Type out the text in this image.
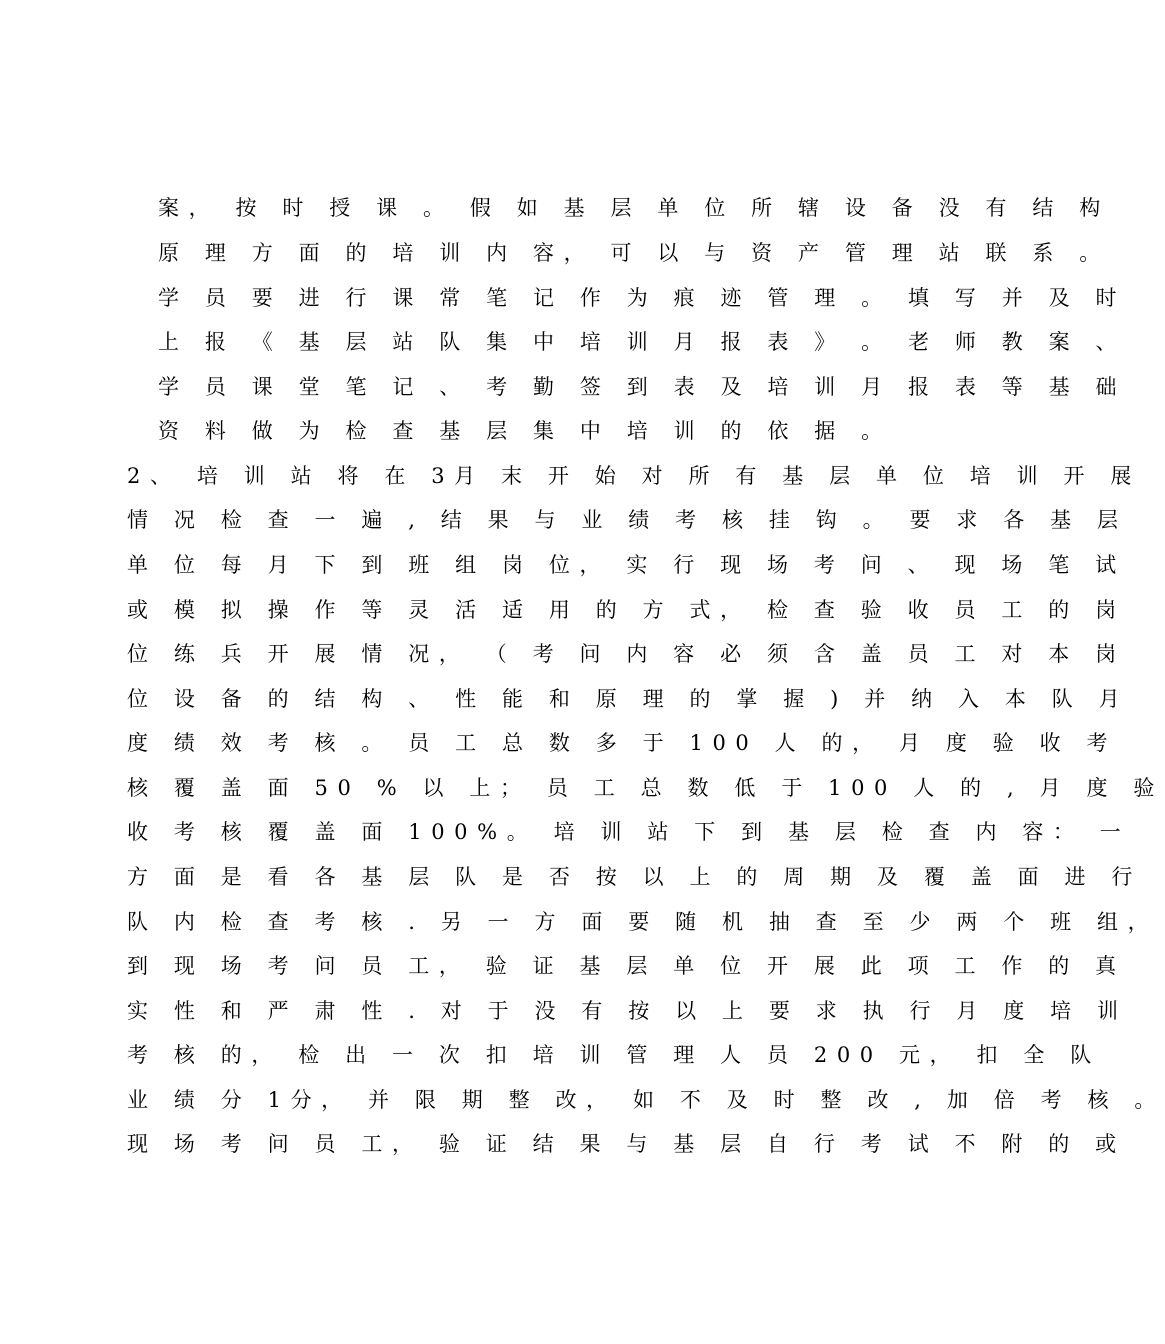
案， 按 时 授 课 。 假 如 基 层 单 位 所 辖 设 备 没 有 结 构
原 理 方 面 的 培 训 内 容， 可 以 与 资 产 管 理 站 联 系 。
学 员 要 进 行 课 常 笔 记 作 为 痕 迹 管 理 。 填 写 并 及 时
上 报 《 基 层 站 队 集 中 培 训 月 报 表 》 。 老 师 教 案 、
学 员 课 堂 笔 记 、 考 勤 签 到 表 及 培 训 月 报 表 等 基 础
资 料 做 为 检 查 基 层 集 中 培 训 的 依 据 。
2、 培 训 站 将 在 3月 末 开 始 对 所 有 基 层 单 位 培 训 开 展
情 况 检 查 一 遍 , 结 果 与 业 绩 考 核 挂 钩 。 要 求 各 基 层
单 位 每 月 下 到 班 组 岗 位， 实 行 现 场 考 问 、 现 场 笔 试
或 模 拟 操 作 等 灵 活 适 用 的 方 式， 检 查 验 收 员 工 的 岗
位 练 兵 开 展 情 况， （ 考 问 内 容 必 须 含 盖 员 工 对 本 岗
位 设 备 的 结 构 、 性 能 和 原 理 的 掌 握 ) 并 纳 入 本 队 月
度 绩 效 考 核 。 员 工 总 数 多 于 100 人 的， 月 度 验 收 考
核 覆 盖 面 50 % 以 上； 员 工 总 数 低 于 100 人 的 , 月 度 验
收 考 核 覆 盖 面 100%。 培 训 站 下 到 基 层 检 查 内 容： 一
方 面 是 看 各 基 层 队 是 否 按 以 上 的 周 期 及 覆 盖 面 进 行
队 内 检 查 考 核 . 另 一 方 面 要 随 机 抽 查 至 少 两 个 班 组，
到 现 场 考 问 员 工， 验 证 基 层 单 位 开 展 此 项 工 作 的 真
实 性 和 严 肃 性 . 对 于 没 有 按 以 上 要 求 执 行 月 度 培 训
考 核 的， 检 出 一 次 扣 培 训 管 理 人 员 200 元， 扣 全 队
业 绩 分 1分， 并 限 期 整 改， 如 不 及 时 整 改 , 加 倍 考 核 。
现 场 考 问 员 工， 验 证 结 果 与 基 层 自 行 考 试 不 附 的 或
